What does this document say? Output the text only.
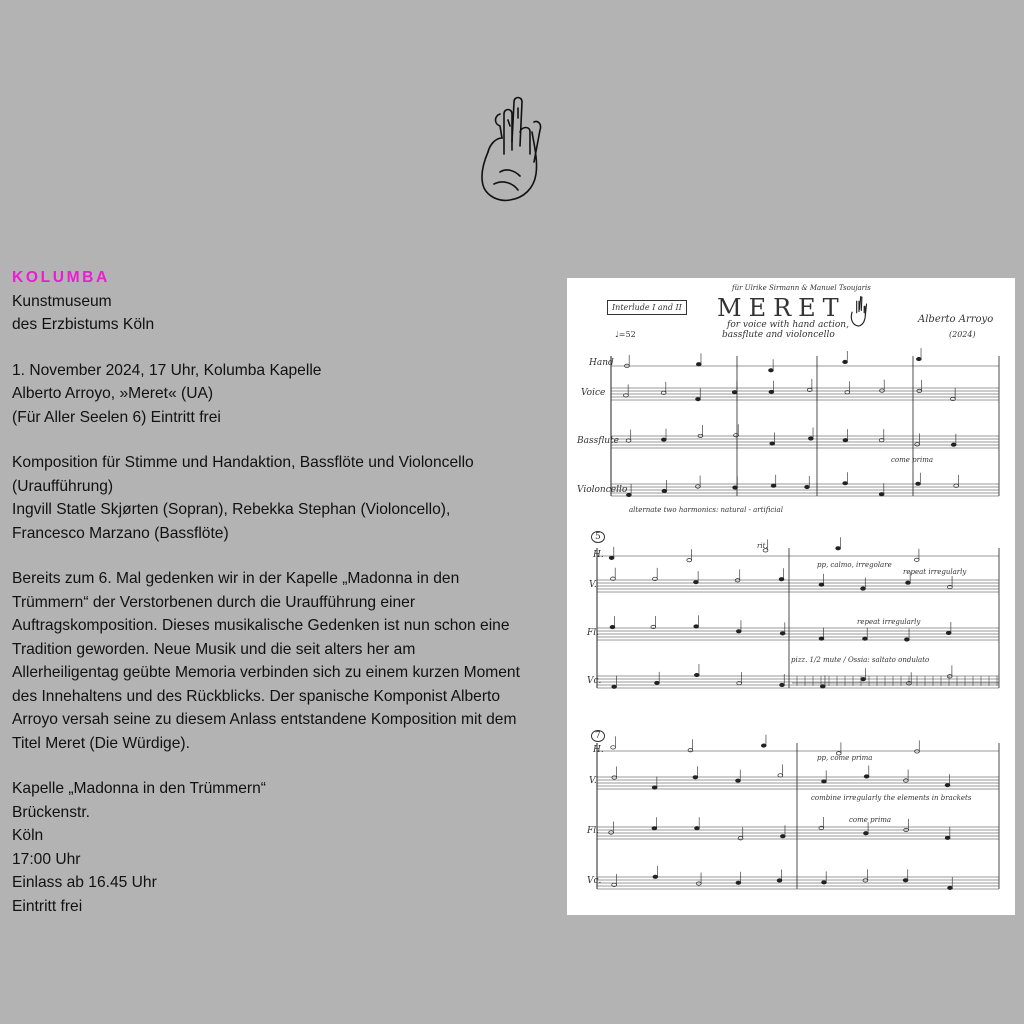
KOLUMBA
Kunstmuseum
des Erzbistums Köln
1. November 2024, 17 Uhr, Kolumba Kapelle
Alberto Arroyo, »Meret« (UA)
(Für Aller Seelen 6) Eintritt frei
Komposition für Stimme und Handaktion, Bassflöte und Violoncello
(Uraufführung)
Ingvill Statle Skjørten (Sopran), Rebekka Stephan (Violoncello),
Francesco Marzano (Bassflöte)
Bereits zum 6. Mal gedenken wir in der Kapelle „Madonna in den
Trümmern“ der Verstorbenen durch die Uraufführung einer
Auftragskomposition. Dieses musikalische Gedenken ist nun schon eine
Tradition geworden. Neue Musik und die seit alters her am
Allerheiligentag geübte Memoria verbinden sich zu einem kurzen Moment
des Innehaltens und des Rückblicks. Der spanische Komponist Alberto
Arroyo versah seine zu diesem Anlass entstandene Komposition mit dem
Titel Meret (Die Würdige).
Kapelle „Madonna in den Trümmern“
Brückenstr.
Köln
17:00 Uhr
Einlass ab 16.45 Uhr
Eintritt frei
für Ulrike Sirmann & Manuel Tsoujaris
MERET
for voice with hand action,
bassflute and violoncello
Alberto Arroyo
(2024)
Interlude I and II
♩=52
Hand
Voice
Bassflute
Violoncello
5
H.
V.
Fl.
Vc.
7
H.
V.
Fl.
Vc.
alternate two harmonics: natural - artificial
pp, calmo, irregolare
repeat irregularly
repeat irregularly
pizz. 1/2 mute / Ossia: saltato ondulato
rit.
pp, come prima
combine irregularly the elements in brackets
come prima
come prima
